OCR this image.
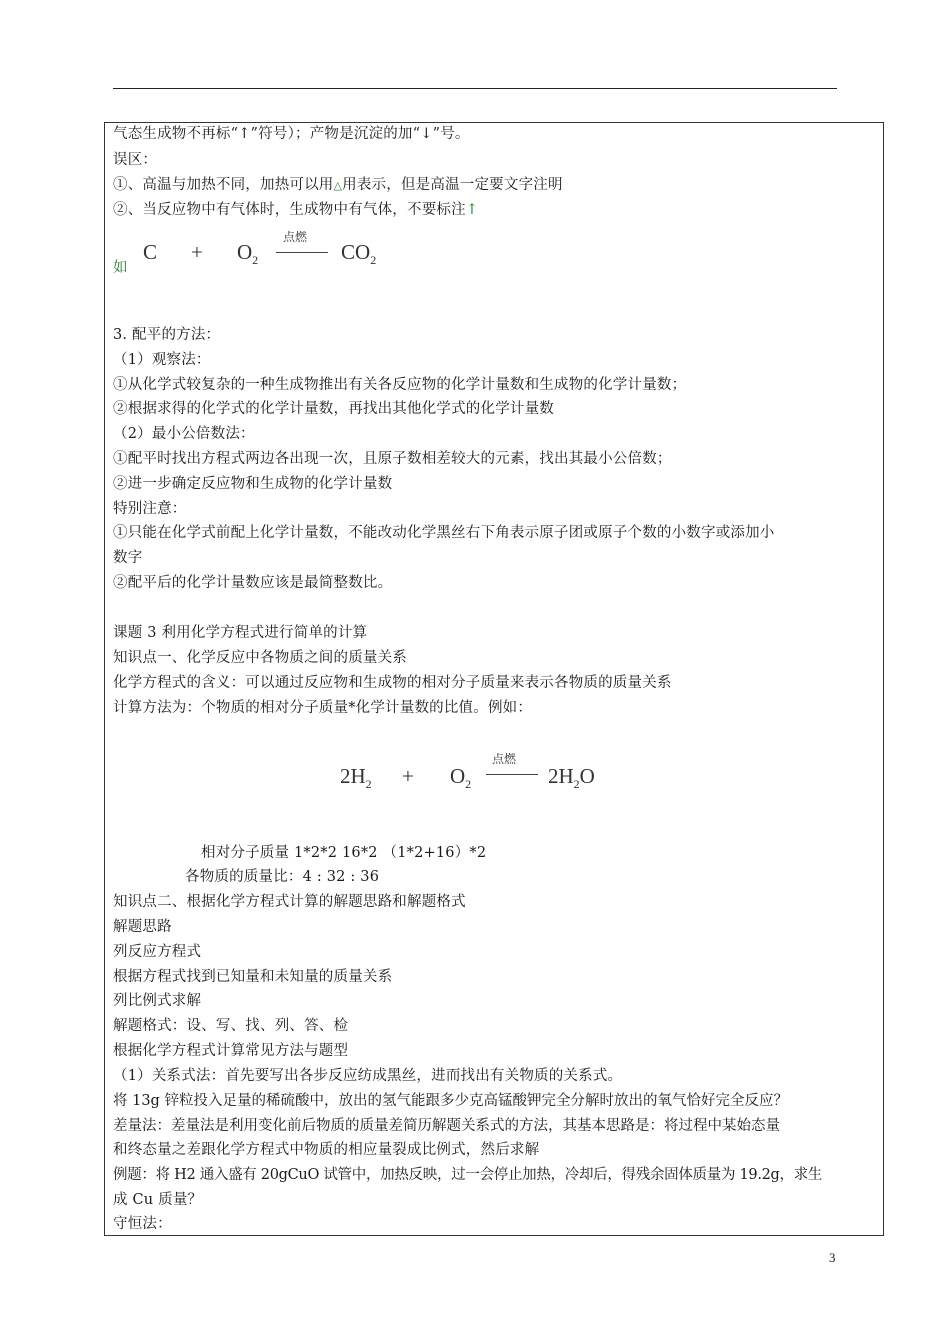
气态生成物不再标“↑”符号）；产物是沉淀的加“↓”号。
误区：
①、高温与加热不同，加热可以用△用表示，但是高温一定要文字注明
②、当反应物中有气体时，生成物中有气体，不要标注↑
如
$C + O_2$
点燃
$CO_2$
3. 配平的方法：
（1）观察法：
①从化学式较复杂的一种生成物推出有关各反应物的化学计量数和生成物的化学计量数；
②根据求得的化学式的化学计量数，再找出其他化学式的化学计量数
（2）最小公倍数法：
①配平时找出方程式两边各出现一次，且原子数相差较大的元素，找出其最小公倍数；
②进一步确定反应物和生成物的化学计量数
特别注意：
①只能在化学式前配上化学计量数，不能改动化学黑丝右下角表示原子团或原子个数的小数字或添加小
数字
②配平后的化学计量数应该是最简整数比。
课题 3 利用化学方程式进行简单的计算
知识点一、化学反应中各物质之间的质量关系
化学方程式的含义：可以通过反应物和生成物的相对分子质量来表示各物质的质量关系
计算方法为：个物质的相对分子质量*化学计量数的比值。例如：
$2H_2 + O_2$
点燃
$2H_2O$
相对分子质量 1*2*2 16*2 （1*2+16）*2
各物质的质量比：4 : 32 : 36
知识点二、根据化学方程式计算的解题思路和解题格式
解题思路
列反应方程式
根据方程式找到已知量和未知量的质量关系
列比例式求解
解题格式：设、写、找、列、答、检
根据化学方程式计算常见方法与题型
（1）关系式法：首先要写出各步反应纺成黑丝，进而找出有关物质的关系式。
将 13g 锌粒投入足量的稀硫酸中，放出的氢气能跟多少克高锰酸钾完全分解时放出的氧气恰好完全反应？
差量法：差量法是利用变化前后物质的质量差简历解题关系式的方法，其基本思路是：将过程中某始态量
和终态量之差跟化学方程式中物质的相应量裂成比例式，然后求解
例题：将 H2 通入盛有 20gCuO 试管中，加热反映，过一会停止加热，冷却后，得残余固体质量为 19.2g，求生
成 Cu 质量？
守恒法：
3
